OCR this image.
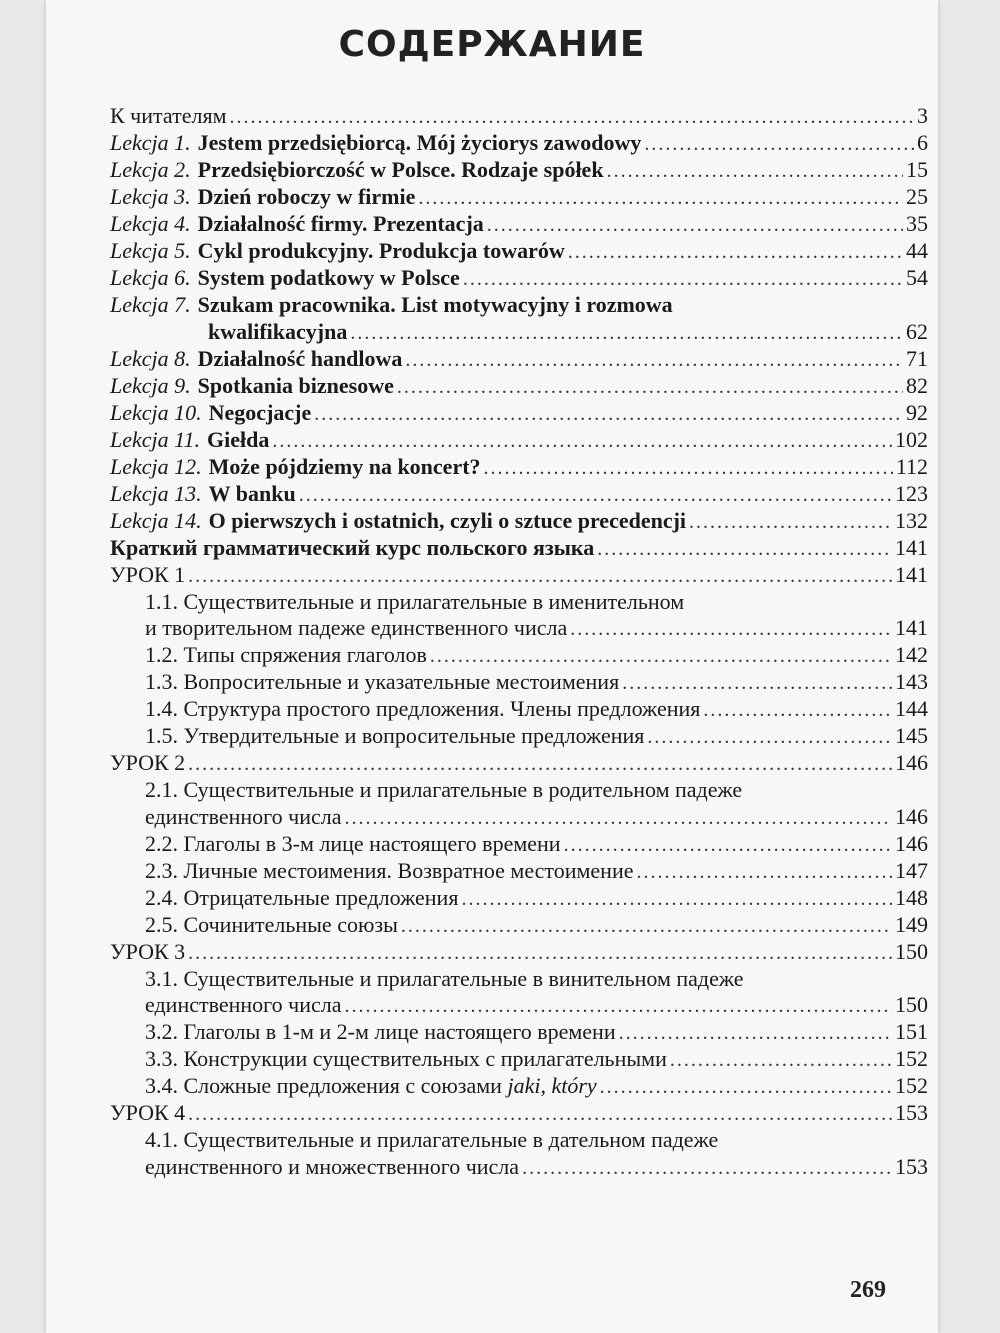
СОДЕРЖАНИЕ
К читателям .....	3
Lekcja 1. Jestem przedsiębiorcą. Mój życiorys zawodowy .....	6
Lekcja 2. Przedsiębiorczość w Polsce. Rodzaje spółek .....	15
Lekcja 3. Dzień roboczy w firmie .....	25
Lekcja 4. Działalność firmy. Prezentacja .....	35
Lekcja 5. Cykl produkcyjny. Produkcja towarów .....	44
Lekcja 6. System podatkowy w Polsce .....	54
Lekcja 7. Szukam pracownika. List motywacyjny i rozmowa
kwalifikacyjna .....	62
Lekcja 8. Działalność handlowa .....	71
Lekcja 9. Spotkania biznesowe .....	82
Lekcja 10. Negocjacje .....	92
Lekcja 11. Giełda .....	102
Lekcja 12. Może pójdziemy na koncert? .....	112
Lekcja 13. W banku .....	123
Lekcja 14. O pierwszych i ostatnich, czyli o sztuce precedencji .....	132
Краткий грамматический курс польского языка .....	141
УРОК 1 .....	141
1.1. Существительные и прилагательные в именительном
и творительном падеже единственного числа .....	141
1.2. Типы спряжения глаголов .....	142
1.3. Вопросительные и указательные местоимения .....	143
1.4. Структура простого предложения. Члены предложения .....	144
1.5. Утвердительные и вопросительные предложения .....	145
УРОК 2 .....	146
2.1. Существительные и прилагательные в родительном падеже
единственного числа .....	146
2.2. Глаголы в 3-м лице настоящего времени .....	146
2.3. Личные местоимения. Возвратное местоимение .....	147
2.4. Отрицательные предложения .....	148
2.5. Сочинительные союзы .....	149
УРОК 3 .....	150
3.1. Существительные и прилагательные в винительном падеже
единственного числа .....	150
3.2. Глаголы в 1-м и 2-м лице настоящего времени .....	151
3.3. Конструкции существительных с прилагательными .....	152
3.4. Сложные предложения с союзами
jaki, który .....	152
УРОК 4 .....	153
4.1. Существительные и прилагательные в дательном падеже
единственного и множественного числа .....	153
269
